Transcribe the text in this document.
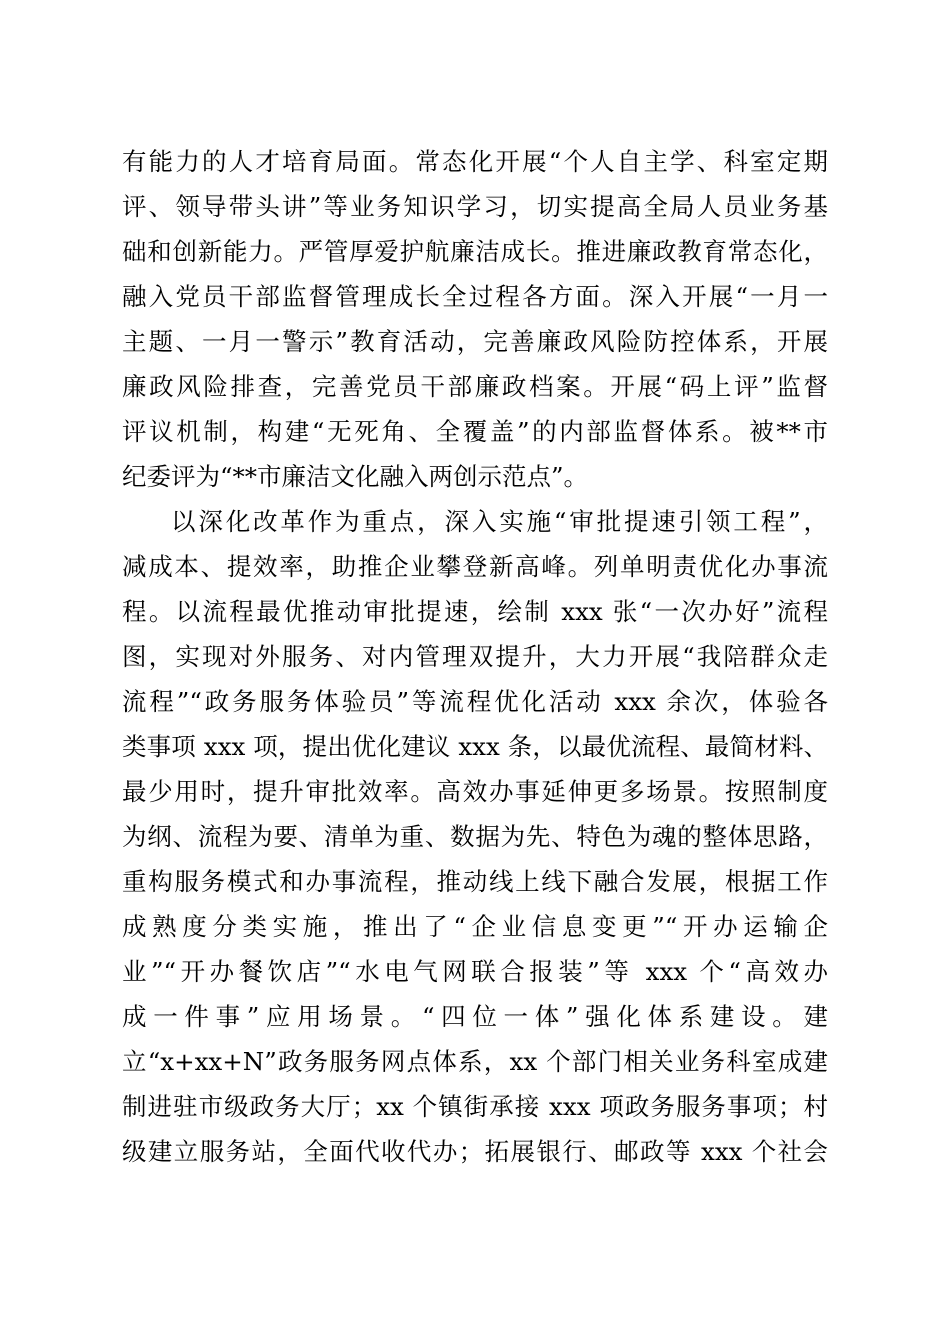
有能力的人才培育局面。常态化开展“个人自主学、科室定期
评、领导带头讲”等业务知识学习，切实提高全局人员业务基
础和创新能力。严管厚爱护航廉洁成长。推进廉政教育常态化，
融入党员干部监督管理成长全过程各方面。深入开展“一月一
主题、一月一警示”教育活动，完善廉政风险防控体系，开展
廉政风险排查，完善党员干部廉政档案。开展“码上评”监督
评议机制，构建“无死角、全覆盖”的内部监督体系。被**市
纪委评为“**市廉洁文化融入两创示范点”。
以深化改革作为重点，深入实施“审批提速引领工程”，
减成本、提效率，助推企业攀登新高峰。列单明责优化办事流
程。以流程最优推动审批提速，绘制 xxx 张“一次办好”流程
图，实现对外服务、对内管理双提升，大力开展“我陪群众走
流程”“政务服务体验员”等流程优化活动 xxx 余次，体验各
类事项 xxx 项，提出优化建议 xxx 条，以最优流程、最简材料、
最少用时，提升审批效率。高效办事延伸更多场景。按照制度
为纲、流程为要、清单为重、数据为先、特色为魂的整体思路，
重构服务模式和办事流程，推动线上线下融合发展，根据工作
成熟度分类实施，推出了“企业信息变更”“开办运输企
业”“开办餐饮店”“水电气网联合报装”等 xxx 个“高效办
成一件事”应用场景。“四位一体”强化体系建设。建
立“x+xx+N”政务服务网点体系，xx 个部门相关业务科室成建
制进驻市级政务大厅；xx 个镇街承接 xxx 项政务服务事项；村
级建立服务站，全面代收代办；拓展银行、邮政等 xxx 个社会
